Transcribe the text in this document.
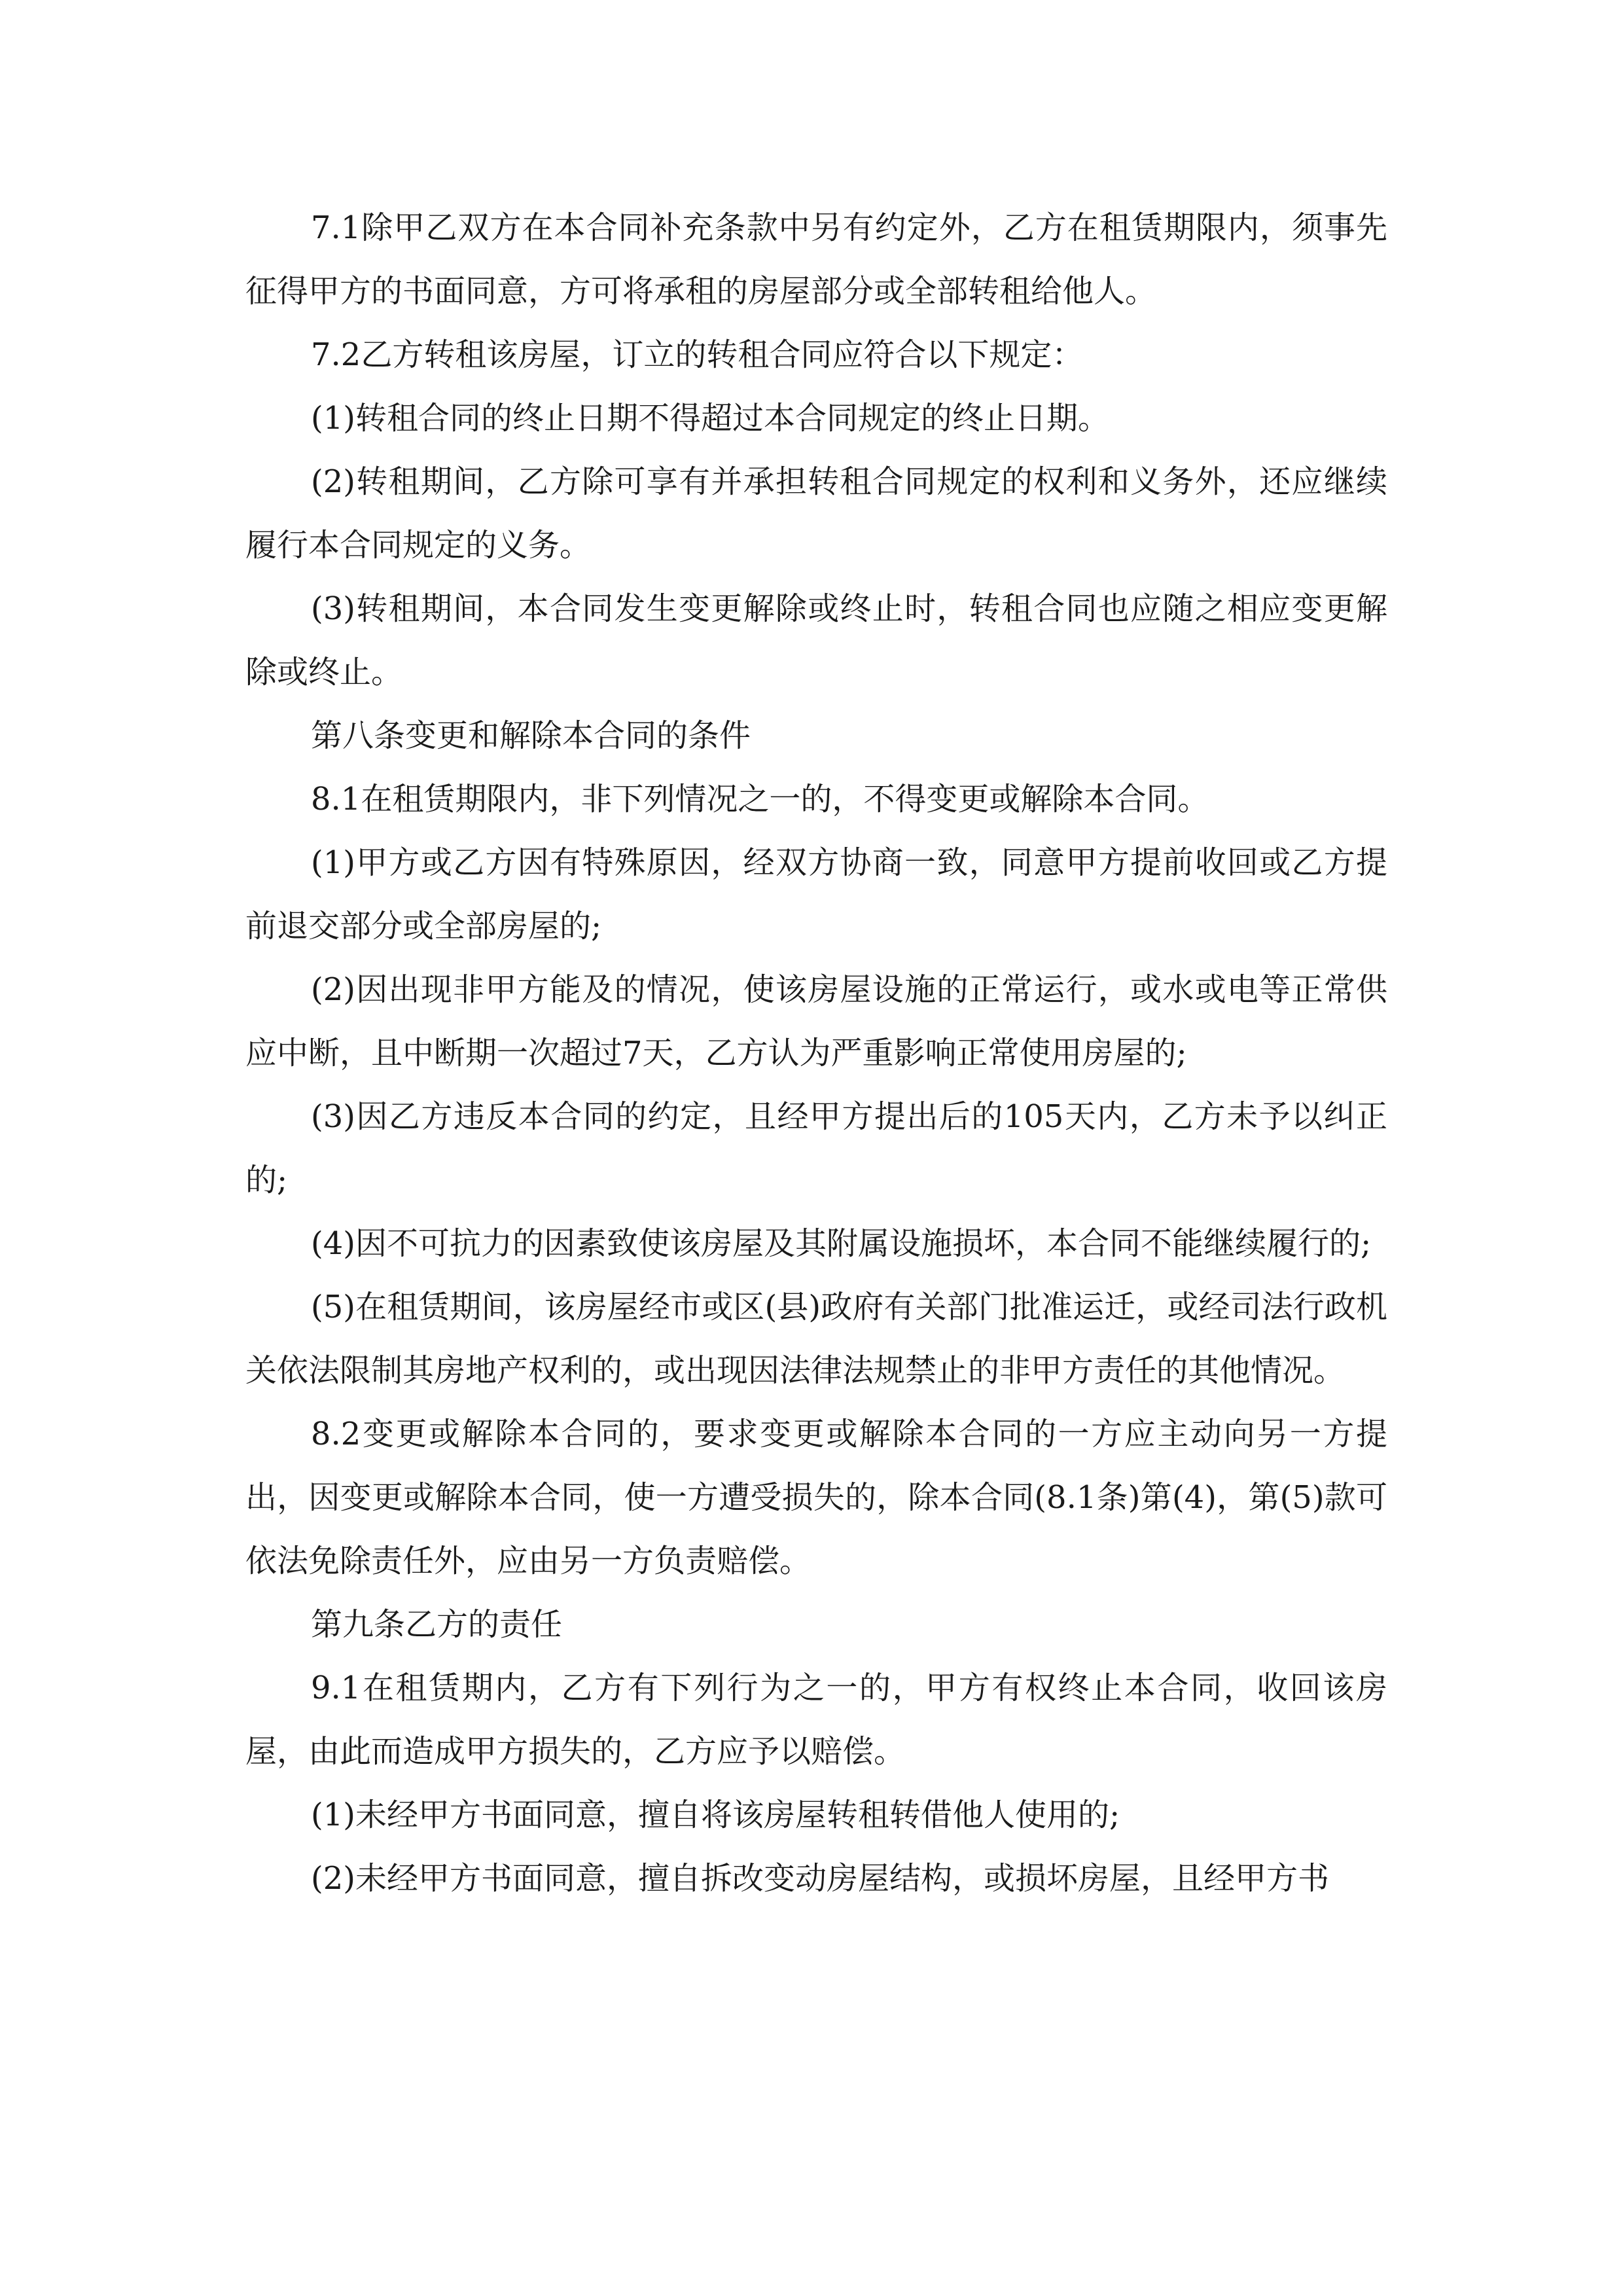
7.1除甲乙双方在本合同补充条款中另有约定外，乙方在租赁期限内，须事先征得甲方的书面同意，方可将承租的房屋部分或全部转租给他人。

7.2乙方转租该房屋，订立的转租合同应符合以下规定：

(1)转租合同的终止日期不得超过本合同规定的终止日期。

(2)转租期间，乙方除可享有并承担转租合同规定的权利和义务外，还应继续履行本合同规定的义务。

(3)转租期间，本合同发生变更解除或终止时，转租合同也应随之相应变更解除或终止。

第八条变更和解除本合同的条件

8.1在租赁期限内，非下列情况之一的，不得变更或解除本合同。

(1)甲方或乙方因有特殊原因，经双方协商一致，同意甲方提前收回或乙方提前退交部分或全部房屋的;

(2)因出现非甲方能及的情况，使该房屋设施的正常运行，或水或电等正常供应中断，且中断期一次超过7天，乙方认为严重影响正常使用房屋的;

(3)因乙方违反本合同的约定，且经甲方提出后的105天内，乙方未予以纠正的;

(4)因不可抗力的因素致使该房屋及其附属设施损坏，本合同不能继续履行的;

(5)在租赁期间，该房屋经市或区(县)政府有关部门批准运迁，或经司法行政机关依法限制其房地产权利的，或出现因法律法规禁止的非甲方责任的其他情况。

8.2变更或解除本合同的，要求变更或解除本合同的一方应主动向另一方提出，因变更或解除本合同，使一方遭受损失的，除本合同(8.1条)第(4)，第(5)款可依法免除责任外，应由另一方负责赔偿。

第九条乙方的责任

9.1在租赁期内，乙方有下列行为之一的，甲方有权终止本合同，收回该房屋，由此而造成甲方损失的，乙方应予以赔偿。

(1)未经甲方书面同意，擅自将该房屋转租转借他人使用的;

(2)未经甲方书面同意，擅自拆改变动房屋结构，或损坏房屋，且经甲方书
